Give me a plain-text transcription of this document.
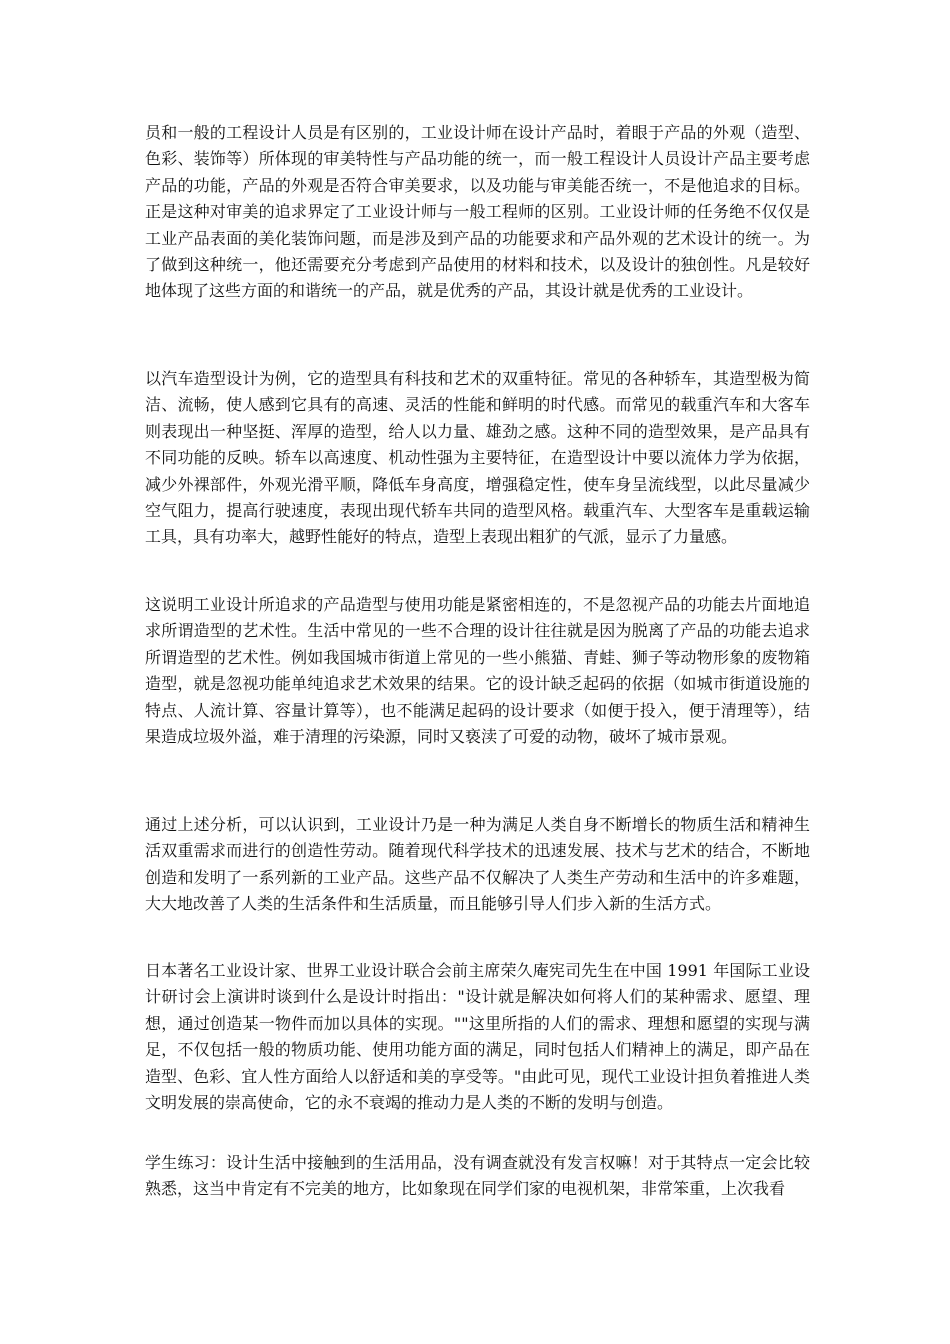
员和一般的工程设计人员是有区别的，工业设计师在设计产品时，着眼于产品的外观（造型、色彩、装饰等）所体现的审美特性与产品功能的统一，而一般工程设计人员设计产品主要考虑产品的功能，产品的外观是否符合审美要求，以及功能与审美能否统一，不是他追求的目标。正是这种对审美的追求界定了工业设计师与一般工程师的区别。工业设计师的任务绝不仅仅是工业产品表面的美化装饰问题，而是涉及到产品的功能要求和产品外观的艺术设计的统一。为了做到这种统一，他还需要充分考虑到产品使用的材料和技术，以及设计的独创性。凡是较好地体现了这些方面的和谐统一的产品，就是优秀的产品，其设计就是优秀的工业设计。

以汽车造型设计为例，它的造型具有科技和艺术的双重特征。常见的各种轿车，其造型极为简洁、流畅，使人感到它具有的高速、灵活的性能和鲜明的时代感。而常见的载重汽车和大客车则表现出一种坚挺、浑厚的造型，给人以力量、雄劲之感。这种不同的造型效果，是产品具有不同功能的反映。轿车以高速度、机动性强为主要特征，在造型设计中要以流体力学为依据，减少外裸部件，外观光滑平顺，降低车身高度，增强稳定性，使车身呈流线型，以此尽量减少空气阻力，提高行驶速度，表现出现代轿车共同的造型风格。载重汽车、大型客车是重载运输工具，具有功率大，越野性能好的特点，造型上表现出粗犷的气派，显示了力量感。

这说明工业设计所追求的产品造型与使用功能是紧密相连的，不是忽视产品的功能去片面地追求所谓造型的艺术性。生活中常见的一些不合理的设计往往就是因为脱离了产品的功能去追求所谓造型的艺术性。例如我国城市街道上常见的一些小熊猫、青蛙、狮子等动物形象的废物箱造型，就是忽视功能单纯追求艺术效果的结果。它的设计缺乏起码的依据（如城市街道设施的特点、人流计算、容量计算等），也不能满足起码的设计要求（如便于投入，便于清理等），结果造成垃圾外溢，难于清理的污染源，同时又亵渎了可爱的动物，破坏了城市景观。

通过上述分析，可以认识到，工业设计乃是一种为满足人类自身不断增长的物质生活和精神生活双重需求而进行的创造性劳动。随着现代科学技术的迅速发展、技术与艺术的结合，不断地创造和发明了一系列新的工业产品。这些产品不仅解决了人类生产劳动和生活中的许多难题，大大地改善了人类的生活条件和生活质量，而且能够引导人们步入新的生活方式。

日本著名工业设计家、世界工业设计联合会前主席荣久庵宪司先生在中国 1991 年国际工业设计研讨会上演讲时谈到什么是设计时指出："设计就是解决如何将人们的某种需求、愿望、理想，通过创造某一物件而加以具体的实现。""这里所指的人们的需求、理想和愿望的实现与满足，不仅包括一般的物质功能、使用功能方面的满足，同时包括人们精神上的满足，即产品在造型、色彩、宜人性方面给人以舒适和美的享受等。"由此可见，现代工业设计担负着推进人类文明发展的崇高使命，它的永不衰竭的推动力是人类的不断的发明与创造。

学生练习：设计生活中接触到的生活用品，没有调查就没有发言权嘛！对于其特点一定会比较熟悉，这当中肯定有不完美的地方，比如象现在同学们家的电视机架，非常笨重，上次我看
